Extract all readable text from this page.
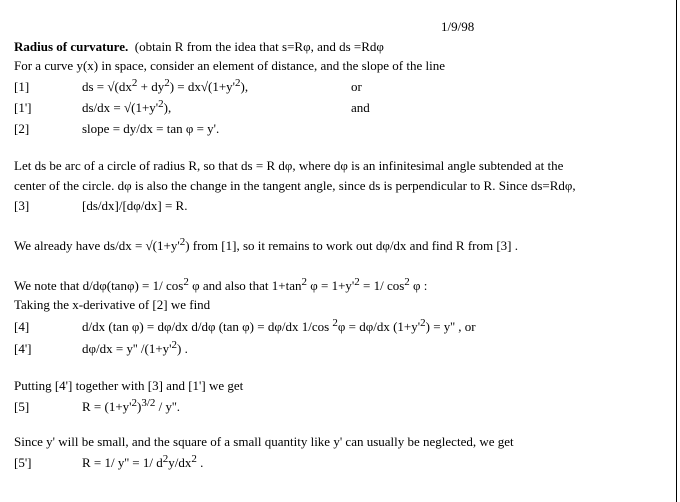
1/9/98
Radius of curvature. (obtain R from the idea that s=Rφ, and ds =Rdφ
For a curve y(x) in space, consider an element of distance, and the slope of the line
[1]	ds = $√(dx^2 + dy^2) = dx√(1+y'^2)$,	or
[1']	$ds/dx = √(1+y'^2)$,	and
[2]	slope = dy/dx = tan φ = y'.
Let ds be arc of a circle of radius R, so that ds = R dφ, where dφ is an infinitesimal angle subtended at the
center of the circle. dφ is also the change in the tangent angle, since ds is perpendicular to R. Since ds=Rdφ,
[3]	[ds/dx]/[dφ/dx] = R.
We already have $ds/dx = √(1+y'^2)$ from [1], so it remains to work out dφ/dx and find R from [3] .
We note that d/dφ(tanφ) = 1/ $\cos^2 \varphi$ and also that $1+\tan^2$ $\varphi = 1+y'^2 = 1/$ $\cos^2 \varphi$ :
Taking the x-derivative of [2] we find
[4]	d/dx (tan φ) = dφ/dx d/dφ (tan φ) = dφ/dx 1/cos $^2$φ = dφ/dx $(1+y'^2) = y''$ , or
[4']	dφ/dx = y'' $/(1+y'^2)$ .
Putting [4'] together with [3] and [1'] we get
[5]	$R = (1+y'^2)^{3/2} / y''$.
Since y' will be small, and the square of a small quantity like y' can usually be neglected, we get
[5']	R = 1/ y'' = 1/ $d^2y/dx^2$ .
